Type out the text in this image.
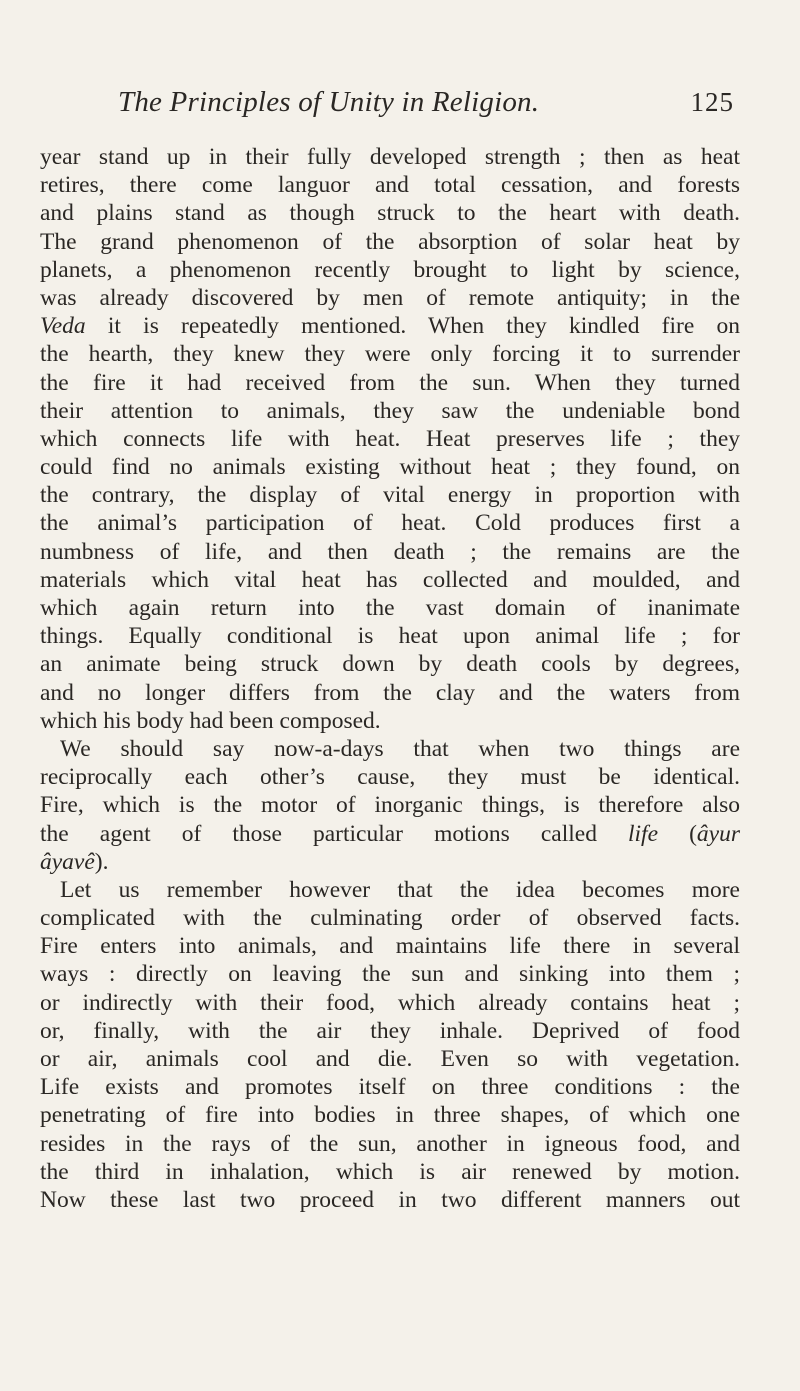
The Principles of Unity in Religion.	125
year stand up in their fully developed strength ; then as heat
retires, there come languor and total cessation, and forests
and plains stand as though struck to the heart with death.
The grand phenomenon of the absorption of solar heat by
planets, a phenomenon recently brought to light by science,
was already discovered by men of remote antiquity; in the
Veda it is repeatedly mentioned. When they kindled fire on
the hearth, they knew they were only forcing it to surrender
the fire it had received from the sun. When they turned
their attention to animals, they saw the undeniable bond
which connects life with heat. Heat preserves life ; they
could find no animals existing without heat ; they found, on
the contrary, the display of vital energy in proportion with
the animal’s participation of heat. Cold produces first a
numbness of life, and then death ; the remains are the
materials which vital heat has collected and moulded, and
which again return into the vast domain of inanimate
things. Equally conditional is heat upon animal life ; for
an animate being struck down by death cools by degrees,
and no longer differs from the clay and the waters from
which his body had been composed.
We should say now-a-days that when two things are
reciprocally each other’s cause, they must be identical.
Fire, which is the motor of inorganic things, is therefore also
the agent of those particular motions called life (âyur
âyavê).
Let us remember however that the idea becomes more
complicated with the culminating order of observed facts.
Fire enters into animals, and maintains life there in several
ways : directly on leaving the sun and sinking into them ;
or indirectly with their food, which already contains heat ;
or, finally, with the air they inhale. Deprived of food
or air, animals cool and die. Even so with vegetation.
Life exists and promotes itself on three conditions : the
penetrating of fire into bodies in three shapes, of which one
resides in the rays of the sun, another in igneous food, and
the third in inhalation, which is air renewed by motion.
Now these last two proceed in two different manners out
